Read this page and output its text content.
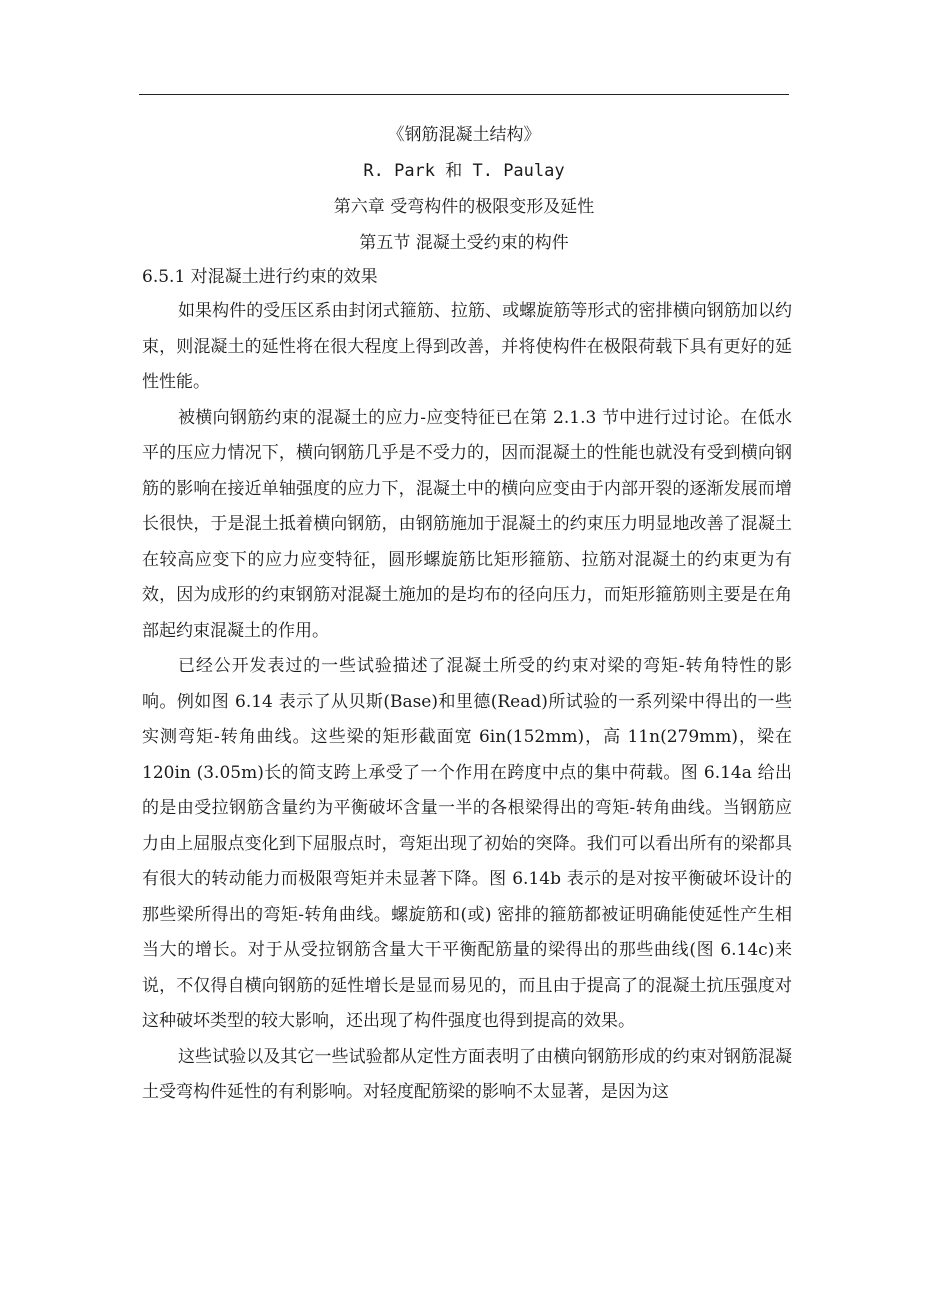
《钢筋混凝土结构》
R. Park 和 T. Paulay
第六章 受弯构件的极限变形及延性
第五节 混凝土受约束的构件
6.5.1 对混凝土进行约束的效果

如果构件的受压区系由封闭式箍筋、拉筋、或螺旋筋等形式的密排横向钢筋加以约束，则混凝土的延性将在很大程度上得到改善，并将使构件在极限荷载下具有更好的延性性能。

被横向钢筋约束的混凝土的应力-应变特征已在第 2.1.3 节中进行过讨论。在低水平的压应力情况下，横向钢筋几乎是不受力的，因而混凝土的性能也就没有受到横向钢筋的影响在接近单轴强度的应力下，混凝土中的横向应变由于内部开裂的逐渐发展而增长很快，于是混土抵着横向钢筋，由钢筋施加于混凝土的约束压力明显地改善了混凝土在较高应变下的应力应变特征，圆形螺旋筋比矩形箍筋、拉筋对混凝土的约束更为有效，因为成形的约束钢筋对混凝土施加的是均布的径向压力，而矩形箍筋则主要是在角部起约束混凝土的作用。

已经公开发表过的一些试验描述了混凝土所受的约束对梁的弯矩-转角特性的影响。例如图 6.14 表示了从贝斯(Base)和里德(Read)所试验的一系列梁中得出的一些实测弯矩-转角曲线。这些梁的矩形截面宽 6in(152mm)，高 11n(279mm)，梁在 120in (3.05m)长的简支跨上承受了一个作用在跨度中点的集中荷载。图 6.14a 给出的是由受拉钢筋含量约为平衡破坏含量一半的各根梁得出的弯矩-转角曲线。当钢筋应力由上屈服点变化到下屈服点时，弯矩出现了初始的突降。我们可以看出所有的梁都具有很大的转动能力而极限弯矩并未显著下降。图 6.14b 表示的是对按平衡破坏设计的那些梁所得出的弯矩-转角曲线。螺旋筋和(或) 密排的箍筋都被证明确能使延性产生相当大的增长。对于从受拉钢筋含量大干平衡配筋量的梁得出的那些曲线(图 6.14c)来说，不仅得自横向钢筋的延性增长是显而易见的，而且由于提高了的混凝土抗压强度对这种破坏类型的较大影响，还出现了构件强度也得到提高的效果。

这些试验以及其它一些试验都从定性方面表明了由横向钢筋形成的约束对钢筋混凝土受弯构件延性的有利影响。对轻度配筋梁的影响不太显著，是因为这
